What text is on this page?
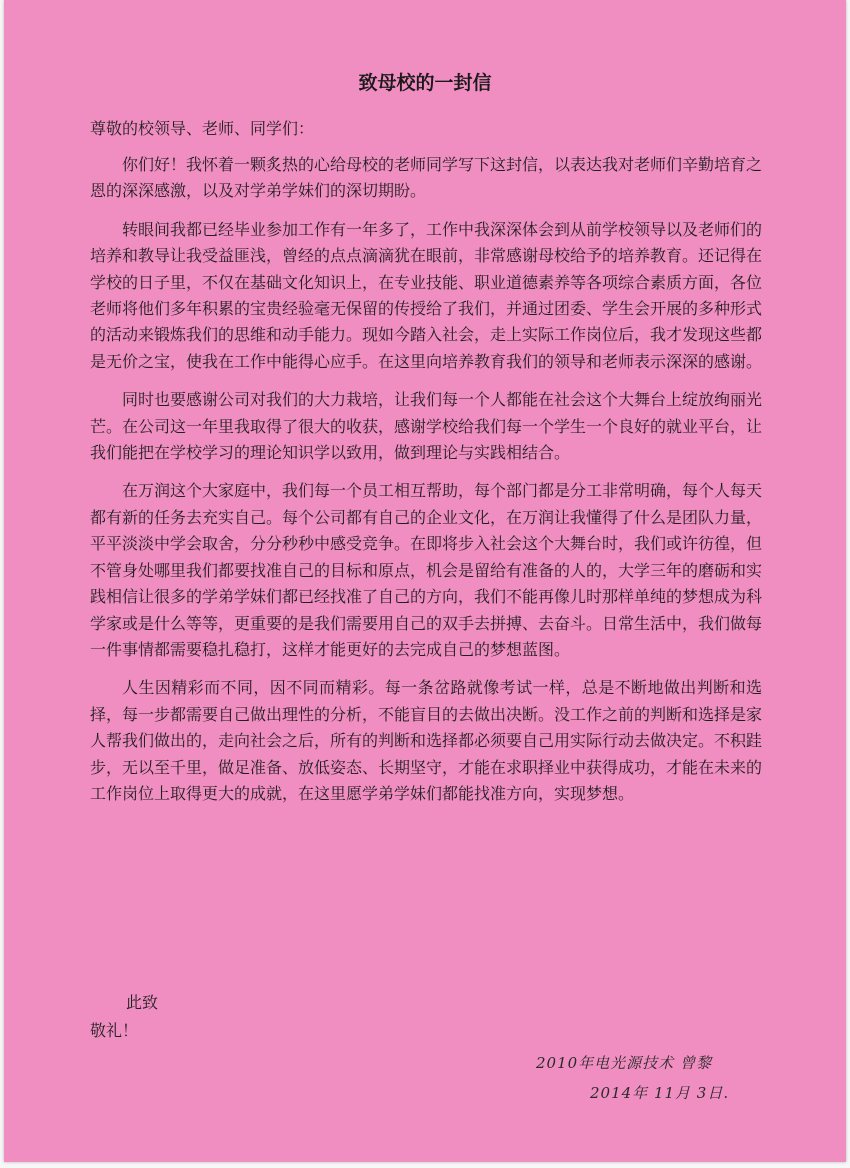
致母校的一封信
尊敬的校领导、老师、同学们：

你们好！我怀着一颗炙热的心给母校的老师同学写下这封信，以表达我对老师们辛勤培育之恩的深深感激，以及对学弟学妹们的深切期盼。

转眼间我都已经毕业参加工作有一年多了，工作中我深深体会到从前学校领导以及老师们的培养和教导让我受益匪浅，曾经的点点滴滴犹在眼前，非常感谢母校给予的培养教育。还记得在学校的日子里，不仅在基础文化知识上，在专业技能、职业道德素养等各项综合素质方面，各位老师将他们多年积累的宝贵经验毫无保留的传授给了我们，并通过团委、学生会开展的多种形式的活动来锻炼我们的思维和动手能力。现如今踏入社会，走上实际工作岗位后，我才发现这些都是无价之宝，使我在工作中能得心应手。在这里向培养教育我们的领导和老师表示深深的感谢。

同时也要感谢公司对我们的大力栽培，让我们每一个人都能在社会这个大舞台上绽放绚丽光芒。在公司这一年里我取得了很大的收获，感谢学校给我们每一个学生一个良好的就业平台，让我们能把在学校学习的理论知识学以致用，做到理论与实践相结合。

在万润这个大家庭中，我们每一个员工相互帮助，每个部门都是分工非常明确，每个人每天都有新的任务去充实自己。每个公司都有自己的企业文化，在万润让我懂得了什么是团队力量，平平淡淡中学会取舍，分分秒秒中感受竞争。在即将步入社会这个大舞台时，我们或许彷徨，但不管身处哪里我们都要找准自己的目标和原点，机会是留给有准备的人的，大学三年的磨砺和实践相信让很多的学弟学妹们都已经找准了自己的方向，我们不能再像儿时那样单纯的梦想成为科学家或是什么等等，更重要的是我们需要用自己的双手去拼搏、去奋斗。日常生活中，我们做每一件事情都需要稳扎稳打，这样才能更好的去完成自己的梦想蓝图。

人生因精彩而不同，因不同而精彩。每一条岔路就像考试一样，总是不断地做出判断和选择，每一步都需要自己做出理性的分析，不能盲目的去做出决断。没工作之前的判断和选择是家人帮我们做出的，走向社会之后，所有的判断和选择都必须要自己用实际行动去做决定。不积跬步，无以至千里，做足准备、放低姿态、长期坚守，才能在求职择业中获得成功，才能在未来的工作岗位上取得更大的成就，在这里愿学弟学妹们都能找准方向，实现梦想。

此致
敬礼！
2010年电光源技术 曾黎
2014年 11月 3日.
